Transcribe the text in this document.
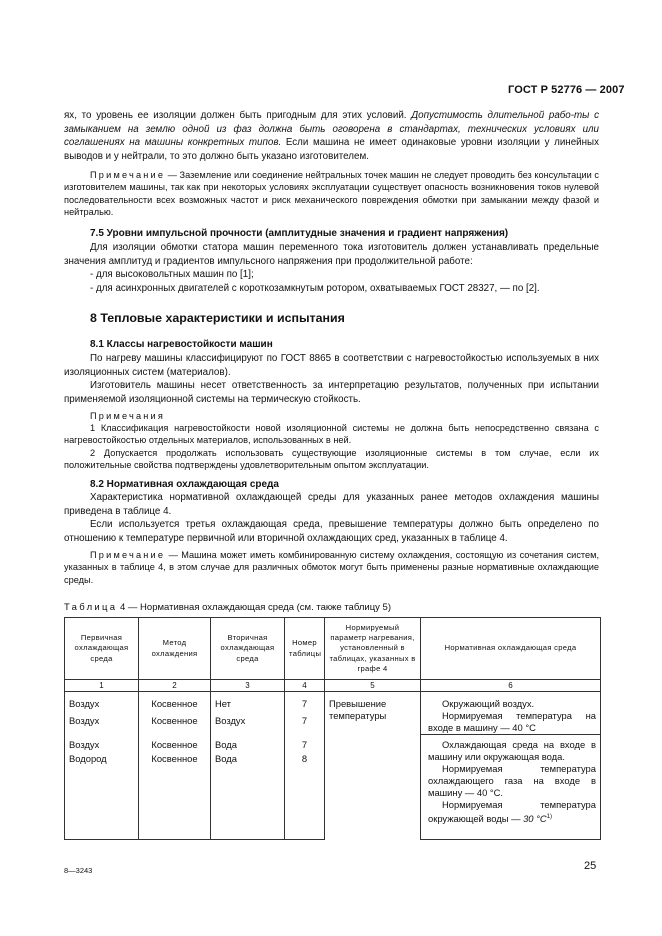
ГОСТ Р 52776 — 2007
ях, то уровень ее изоляции должен быть пригодным для этих условий. Допустимость длительной рабо-ты с замыканием на землю одной из фаз должна быть оговорена в стандартах, технических условиях или соглашениях на машины конкретных типов. Если машина не имеет одинаковые уровни изоляции у линейных выводов и у нейтрали, то это должно быть указано изготовителем.
Примечание — Заземление или соединение нейтральных точек машин не следует проводить без консультации с изготовителем машины, так как при некоторых условиях эксплуатации существует опасность возникновения токов нулевой последовательности всех возможных частот и риск механического повреждения обмотки при замыкании между фазой и нейтралью.
7.5 Уровни импульсной прочности (амплитудные значения и градиент напряжения)
Для изоляции обмотки статора машин переменного тока изготовитель должен устанавливать предельные значения амплитуд и градиентов импульсного напряжения при продолжительной работе:
- для высоковольтных машин по [1];
- для асинхронных двигателей с короткозамкнутым ротором, охватываемых ГОСТ 28327, — по [2].
8 Тепловые характеристики и испытания
8.1 Классы нагревостойкости машин
По нагреву машины классифицируют по ГОСТ 8865 в соответствии с нагревостойкостью используемых в них изоляционных систем (материалов).
Изготовитель машины несет ответственность за интерпретацию результатов, полученных при испытании применяемой изоляционной системы на термическую стойкость.
Примечания
1 Классификация нагревостойкости новой изоляционной системы не должна быть непосредственно связана с нагревостойкостью отдельных материалов, использованных в ней.
2 Допускается продолжать использовать существующие изоляционные системы в том случае, если их положительные свойства подтверждены удовлетворительным опытом эксплуатации.
8.2 Нормативная охлаждающая среда
Характеристика нормативной охлаждающей среды для указанных ранее методов охлаждения машины приведена в таблице 4.
Если используется третья охлаждающая среда, превышение температуры должно быть определено по отношению к температуре первичной или вторичной охлаждающих сред, указанных в таблице 4.
Примечание — Машина может иметь комбинированную систему охлаждения, состоящую из сочетания систем, указанных в таблице 4, в этом случае для различных обмоток могут быть применены разные нормативные охлаждающие среды.
Таблица 4 — Нормативная охлаждающая среда (см. также таблицу 5)
Первичная охлаждающая среда	Метод охлаждения	Вторичная охлаждающая среда	Номер таблицы	Нормируемый параметр нагревания, установленный в таблицах, указанных в графе 4	Нормативная охлаждающая среда
1	2	3	4	5	6
Воздух	Косвенное	Нет	7	Превышение температуры	Окружающий воздух.

Нормируемая температура на входе в машину — 40 °С

Воздух	Косвенное	Воздух	7		
Воздух	Косвенное	Вода	7		Охлаждающая среда на входе в машину или окружающая вода.

Нормируемая температура охлаждающего газа на входе в машину — 40 °С.

Нормируемая температура окружающей воды — 30 $^\circ С^{1)}$

Водород	Косвенное	Вода	8		
8—3243	25
